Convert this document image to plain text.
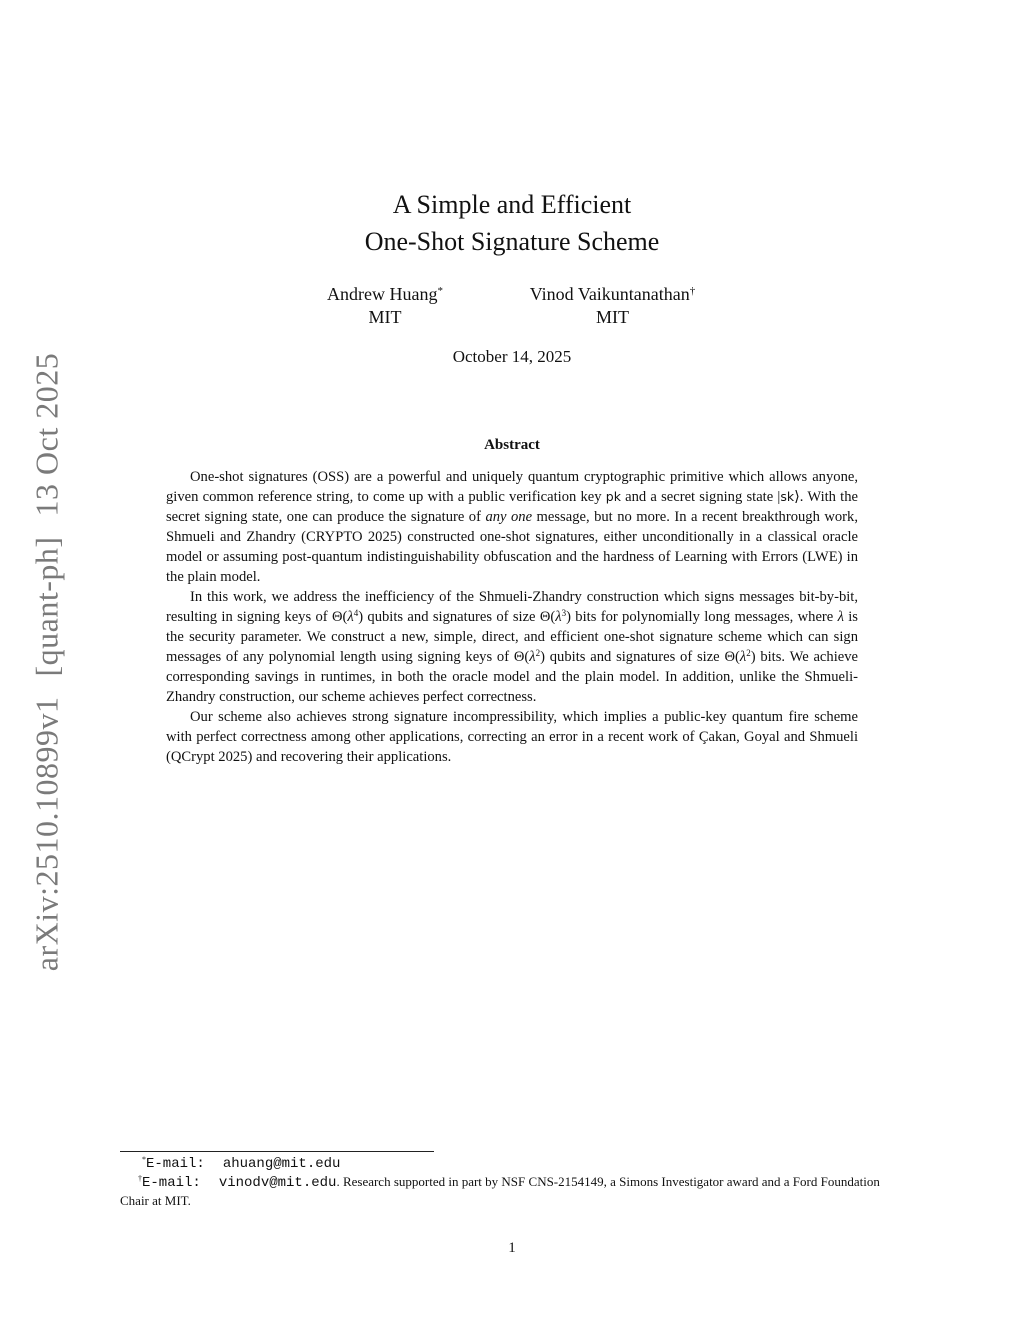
arXiv:2510.10899v1[quant-ph]13 Oct 2025
A Simple and Efficient
One-Shot Signature Scheme
Andrew Huang*
MIT
Vinod Vaikuntanathan†
MIT
October 14, 2025
Abstract

One-shot signatures (OSS) are a powerful and uniquely quantum cryptographic primitive which allows anyone, given common reference string, to come up with a public verification key pk and a secret signing state |sk⟩. With the secret signing state, one can produce the signature of any one message, but no more. In a recent breakthrough work, Shmueli and Zhandry (CRYPTO 2025) constructed one-shot signatures, either unconditionally in a classical oracle model or assuming post-quantum indistinguishability obfuscation and the hardness of Learning with Errors (LWE) in the plain model.

In this work, we address the inefficiency of the Shmueli-Zhandry construction which signs messages bit-by-bit, resulting in signing keys of $\Theta(\lambda^4)$ qubits and signatures of size $\Theta(\lambda^3)$ bits for polynomially long messages, where λ is the security parameter. We construct a new, simple, direct, and efficient one-shot signature scheme which can sign messages of any polynomial length using signing keys of $\Theta(\lambda^2)$ qubits and signatures of size $\Theta(\lambda^2)$ bits. We achieve corresponding savings in runtimes, in both the oracle model and the plain model. In addition, unlike the Shmueli-Zhandry construction, our scheme achieves perfect correctness.

Our scheme also achieves strong signature incompressibility, which implies a public-key quantum fire scheme with perfect correctness among other applications, correcting an error in a recent work of Çakan, Goyal and Shmueli (QCrypt 2025) and recovering their applications.

*E-mail: ahuang@mit.edu

†E-mail: vinodv@mit.edu. Research supported in part by NSF CNS-2154149, a Simons Investigator award and a Ford Foundation Chair at MIT.

1
